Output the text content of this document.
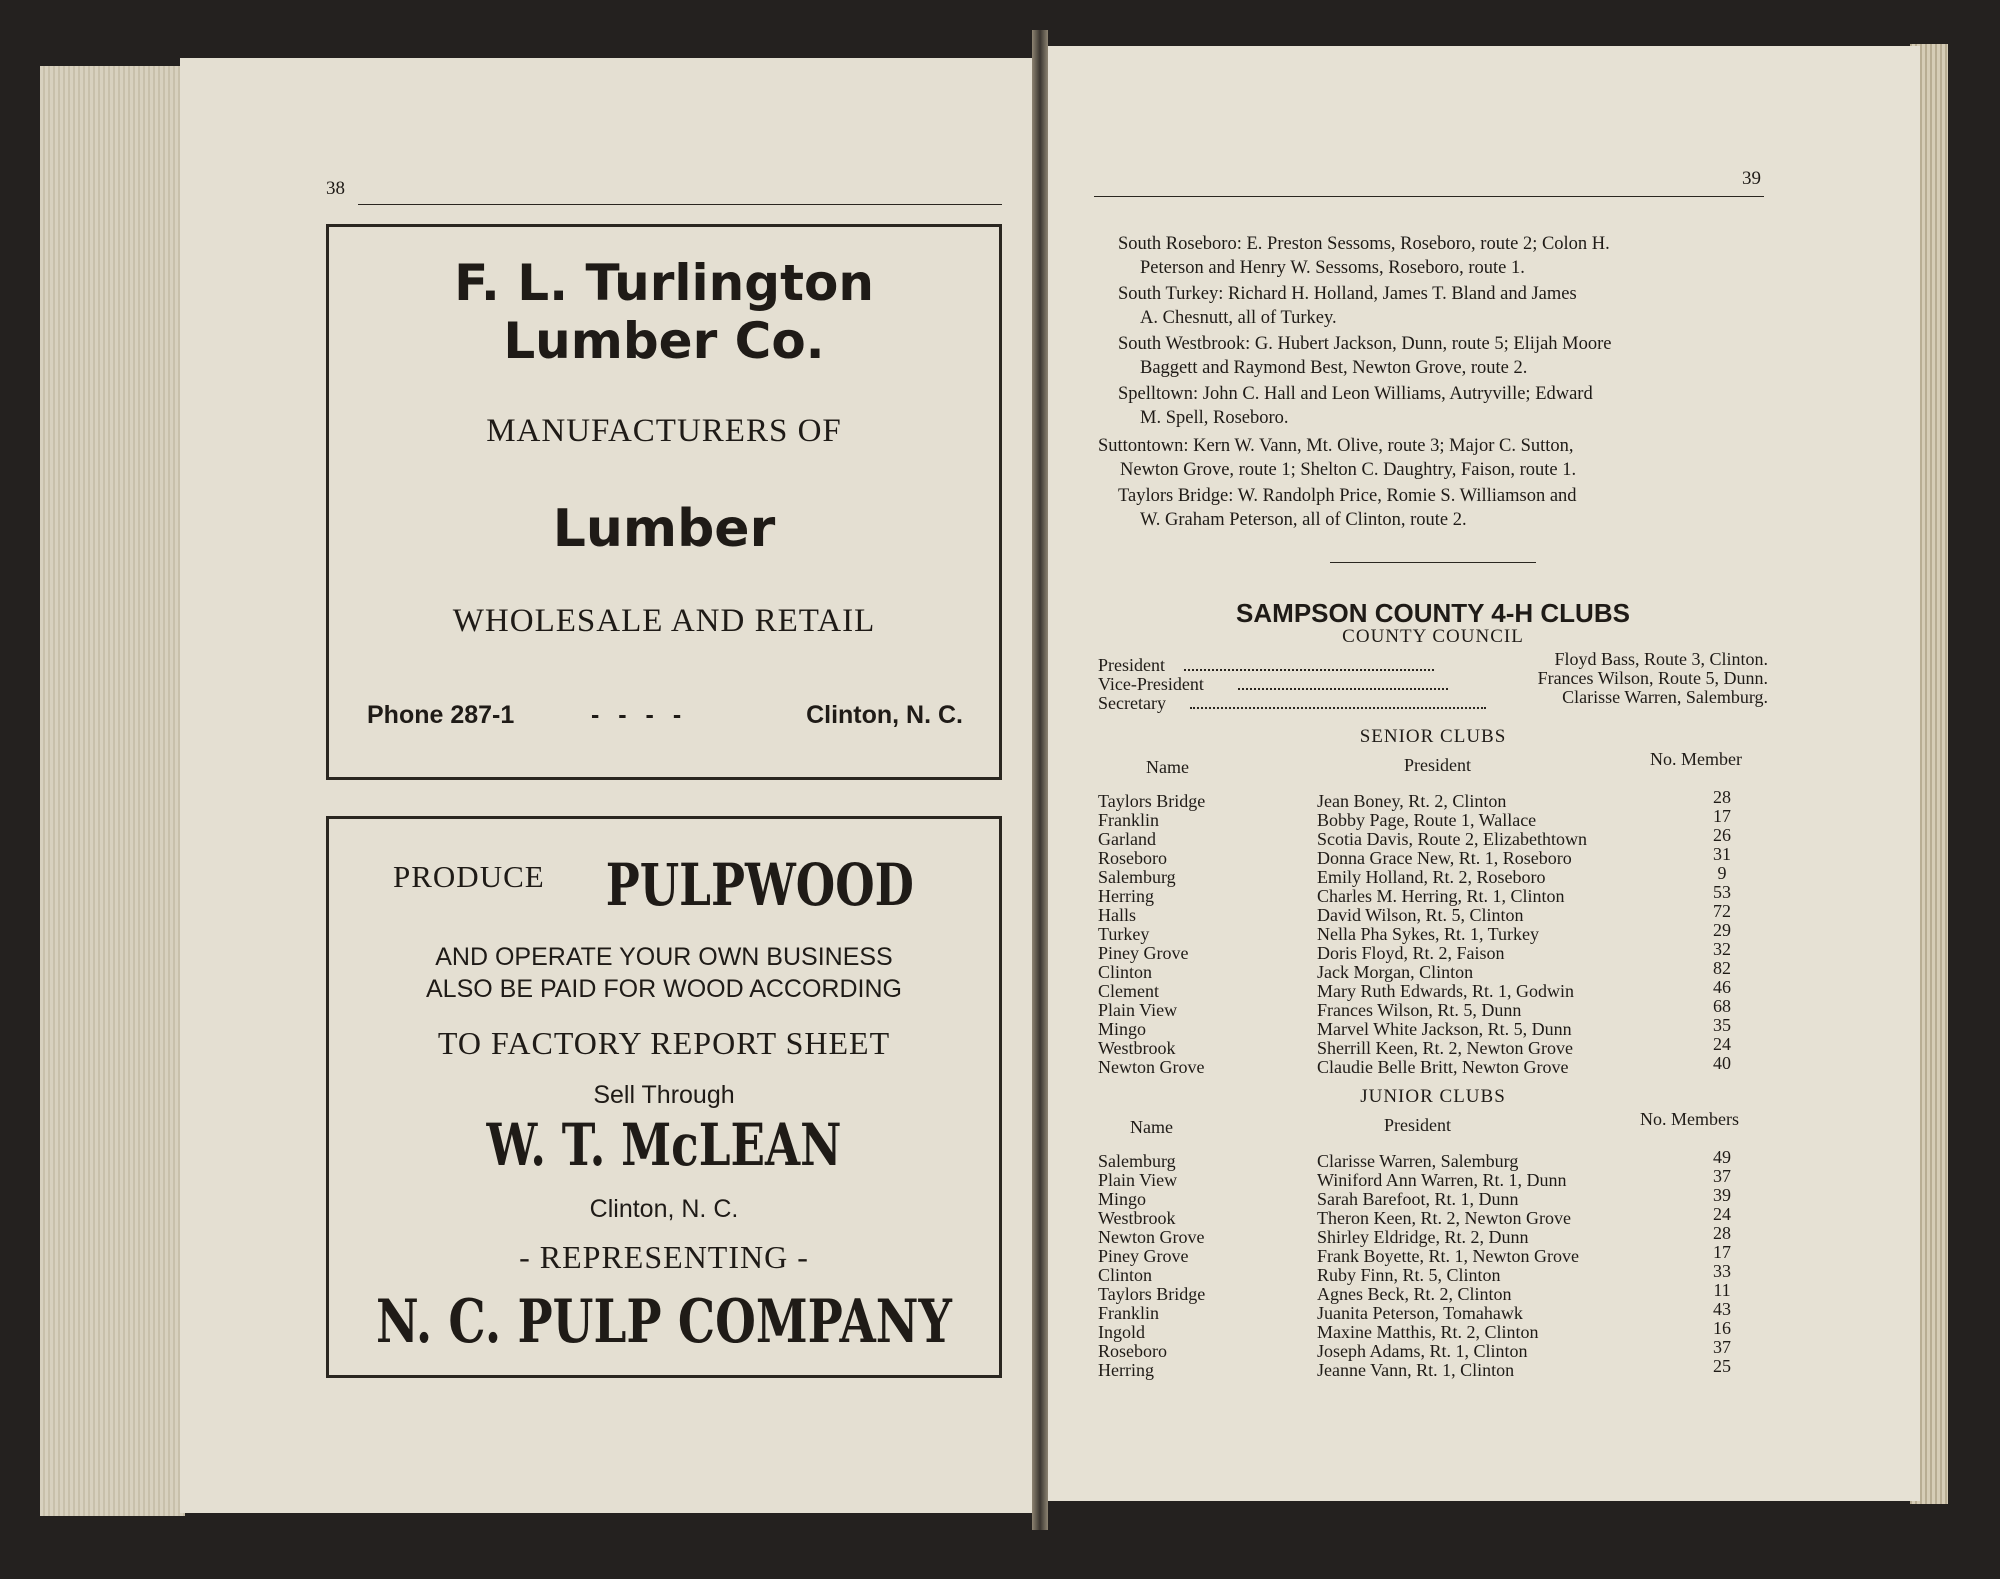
38
F. L. Turlington
Lumber Co.
MANUFACTURERS OF
Lumber
WHOLESALE AND RETAIL
Phone 287-1	- - - -	Clinton, N. C.
PRODUCE PULPWOOD
AND OPERATE YOUR OWN BUSINESS
ALSO BE PAID FOR WOOD ACCORDING
TO FACTORY REPORT SHEET
Sell Through
W. T. McLEAN
Clinton, N. C.
- REPRESENTING -
N. C. PULP COMPANY
39
South Roseboro: E. Preston Sessoms, Roseboro, route 2; Colon H.
Peterson and Henry W. Sessoms, Roseboro, route 1.
South Turkey: Richard H. Holland, James T. Bland and James
A. Chesnutt, all of Turkey.
South Westbrook: G. Hubert Jackson, Dunn, route 5; Elijah Moore
Baggett and Raymond Best, Newton Grove, route 2.
Spelltown: John C. Hall and Leon Williams, Autryville; Edward
M. Spell, Roseboro.
Suttontown: Kern W. Vann, Mt. Olive, route 3; Major C. Sutton,
Newton Grove, route 1; Shelton C. Daughtry, Faison, route 1.
Taylors Bridge: W. Randolph Price, Romie S. Williamson and
W. Graham Peterson, all of Clinton, route 2.
SAMPSON COUNTY 4-H CLUBS
COUNTY COUNCIL
President	Floyd Bass, Route 3, Clinton.
Vice-President	Frances Wilson, Route 5, Dunn.
Secretary	Clarisse Warren, Salemburg.
SENIOR CLUBS
Name	President	No. Member
Taylors Bridge	Jean Boney, Rt. 2, Clinton	28
Franklin	Bobby Page, Route 1, Wallace	17
Garland	Scotia Davis, Route 2, Elizabethtown	26
Roseboro	Donna Grace New, Rt. 1, Roseboro	31
Salemburg	Emily Holland, Rt. 2, Roseboro	9
Herring	Charles M. Herring, Rt. 1, Clinton	53
Halls	David Wilson, Rt. 5, Clinton	72
Turkey	Nella Pha Sykes, Rt. 1, Turkey	29
Piney Grove	Doris Floyd, Rt. 2, Faison	32
Clinton	Jack Morgan, Clinton	82
Clement	Mary Ruth Edwards, Rt. 1, Godwin	46
Plain View	Frances Wilson, Rt. 5, Dunn	68
Mingo	Marvel White Jackson, Rt. 5, Dunn	35
Westbrook	Sherrill Keen, Rt. 2, Newton Grove	24
Newton Grove	Claudie Belle Britt, Newton Grove	40
JUNIOR CLUBS
Name	President	No. Members
Salemburg	Clarisse Warren, Salemburg	49
Plain View	Winiford Ann Warren, Rt. 1, Dunn	37
Mingo	Sarah Barefoot, Rt. 1, Dunn	39
Westbrook	Theron Keen, Rt. 2, Newton Grove	24
Newton Grove	Shirley Eldridge, Rt. 2, Dunn	28
Piney Grove	Frank Boyette, Rt. 1, Newton Grove	17
Clinton	Ruby Finn, Rt. 5, Clinton	33
Taylors Bridge	Agnes Beck, Rt. 2, Clinton	11
Franklin	Juanita Peterson, Tomahawk	43
Ingold	Maxine Matthis, Rt. 2, Clinton	16
Roseboro	Joseph Adams, Rt. 1, Clinton	37
Herring	Jeanne Vann, Rt. 1, Clinton	25
